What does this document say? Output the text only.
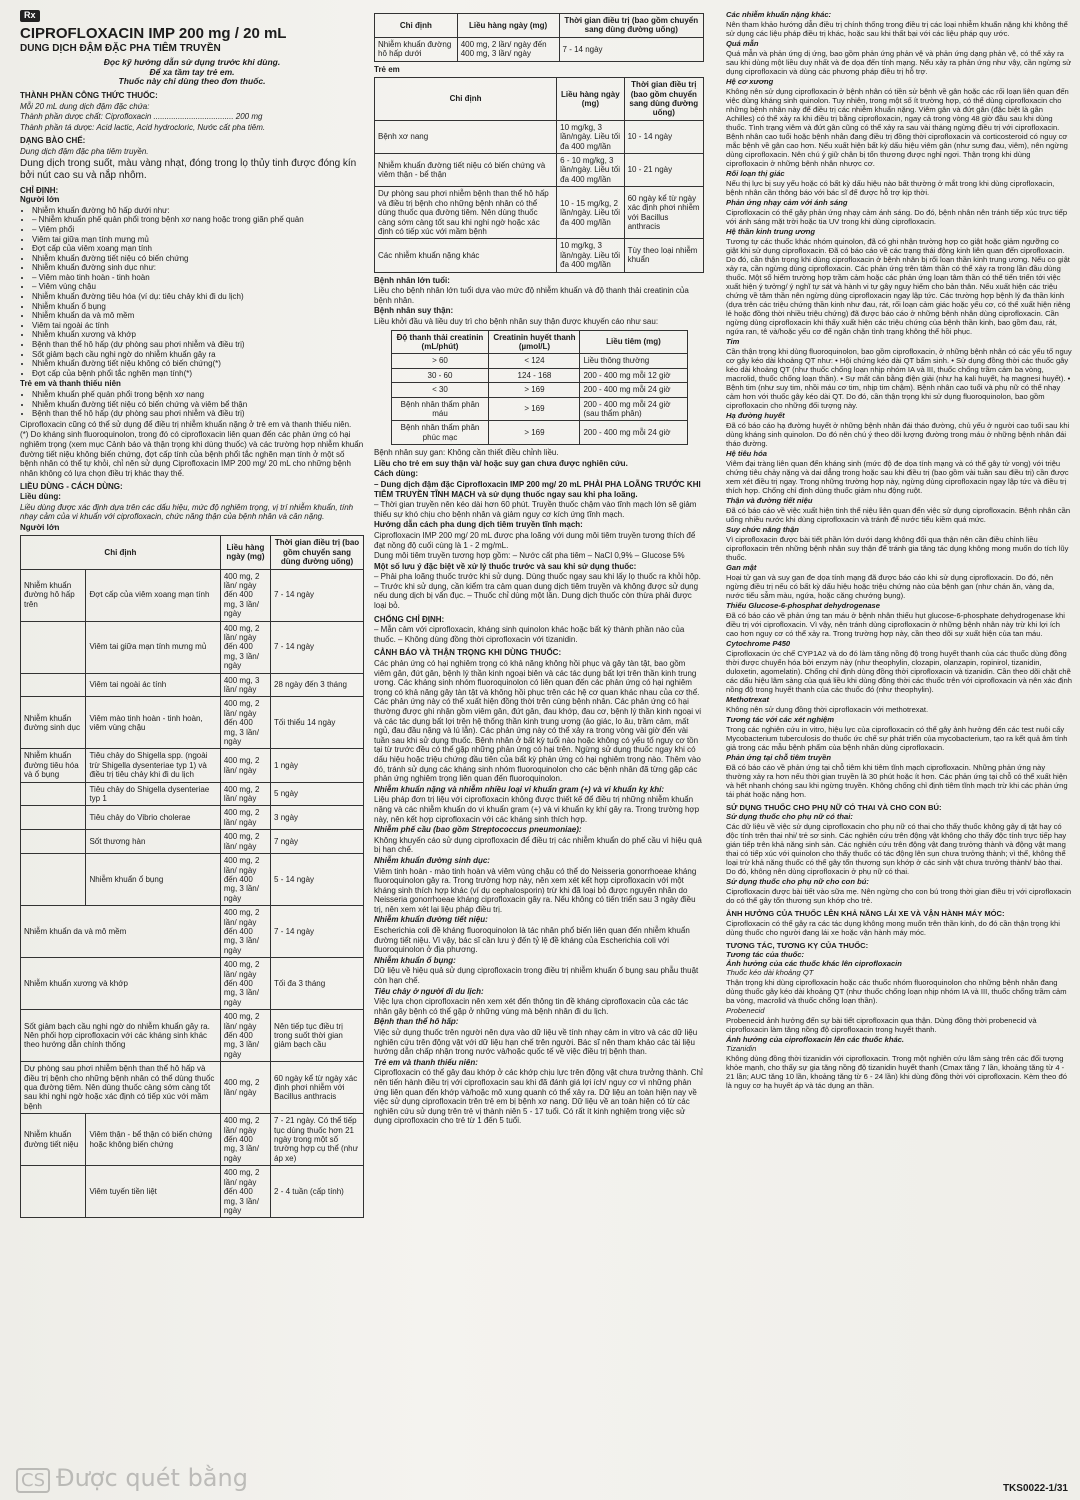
Rx
CIPROFLOXACIN IMP 200 mg / 20 mL
DUNG DỊCH ĐẬM ĐẶC PHA TIÊM TRUYỀN
Đọc kỹ hướng dẫn sử dụng trước khi dùng.
Để xa tầm tay trẻ em.
Thuốc này chỉ dùng theo đơn thuốc.
THÀNH PHẦN CÔNG THỨC THUỐC:

Mỗi 20 mL dung dịch đậm đặc chứa:

Thành phần dược chất: Ciprofloxacin .................................... 200 mg

Thành phần tá dược: Acid lactic, Acid hydrocloric, Nước cất pha tiêm.

DẠNG BÀO CHẾ:

Dung dịch đậm đặc pha tiêm truyền.

Dung dịch trong suốt, màu vàng nhạt, đóng trong lọ thủy tinh được đóng kín bởi nút cao su và nắp nhôm.

CHỈ ĐỊNH:
Người lớn
• Nhiễm khuẩn đường hô hấp dưới như:
• – Nhiễm khuẩn phế quản phổi trong bệnh xơ nang hoặc trong giãn phế quản
• – Viêm phổi
• Viêm tai giữa mạn tính mưng mủ
• Đợt cấp của viêm xoang mạn tính
• Nhiễm khuẩn đường tiết niệu có biến chứng
• Nhiễm khuẩn đường sinh dục như:
• – Viêm mào tinh hoàn - tinh hoàn
• – Viêm vùng chậu
• Nhiễm khuẩn đường tiêu hóa (ví dụ: tiêu chảy khi đi du lịch)
• Nhiễm khuẩn ổ bụng
• Nhiễm khuẩn da và mô mềm
• Viêm tai ngoài ác tính
• Nhiễm khuẩn xương và khớp
• Bệnh than thể hô hấp (dự phòng sau phơi nhiễm và điều trị)
• Sốt giảm bạch cầu nghi ngờ do nhiễm khuẩn gây ra
• Nhiễm khuẩn đường tiết niệu không có biến chứng(*)
• Đợt cấp của bệnh phổi tắc nghẽn mạn tính(*)
Trẻ em và thanh thiếu niên
• Nhiễm khuẩn phế quản phổi trong bệnh xơ nang
• Nhiễm khuẩn đường tiết niệu có biến chứng và viêm bể thận
• Bệnh than thể hô hấp (dự phòng sau phơi nhiễm và điều trị)

Ciprofloxacin cũng có thể sử dụng để điều trị nhiễm khuẩn nặng ở trẻ em và thanh thiếu niên.

(*) Do kháng sinh fluoroquinolon, trong đó có ciprofloxacin liên quan đến các phản ứng có hại nghiêm trọng (xem mục Cảnh báo và thận trọng khi dùng thuốc) và các trường hợp nhiễm khuẩn đường tiết niệu không biến chứng, đợt cấp tính của bệnh phổi tắc nghẽn mạn tính ở một số bệnh nhân có thể tự khỏi, chỉ nên sử dụng Ciprofloxacin IMP 200 mg/ 20 mL cho những bệnh nhân không có lựa chọn điều trị khác thay thế.

LIỀU DÙNG - CÁCH DÙNG:
Liều dùng:

Liều dùng được xác định dựa trên các dấu hiệu, mức độ nghiêm trọng, vị trí nhiễm khuẩn, tính nhạy cảm của vi khuẩn với ciprofloxacin, chức năng thận của bệnh nhân và cân nặng.

Người lớn
Chỉ định		Liều hàng ngày (mg)	Thời gian điều trị (bao gồm chuyển sang dùng đường uống)
Nhiễm khuẩn đường hô hấp trên	Đợt cấp của viêm xoang mạn tính	400 mg, 2 lần/ ngày đến 400 mg, 3 lần/ ngày	7 - 14 ngày
	Viêm tai giữa mạn tính mưng mủ	400 mg, 2 lần/ ngày đến 400 mg, 3 lần/ ngày	7 - 14 ngày
	Viêm tai ngoài ác tính	400 mg, 3 lần/ ngày	28 ngày đến 3 tháng
Nhiễm khuẩn đường sinh dục	Viêm mào tinh hoàn - tinh hoàn, viêm vùng chậu	400 mg, 2 lần/ ngày đến 400 mg, 3 lần/ ngày	Tối thiểu 14 ngày
Nhiễm khuẩn đường tiêu hóa và ổ bụng	Tiêu chảy do Shigella spp. (ngoài trừ Shigella dysenteriae typ 1) và điều trị tiêu chảy khi đi du lịch	400 mg, 2 lần/ ngày	1 ngày
	Tiêu chảy do Shigella dysenteriae typ 1	400 mg, 2 lần/ ngày	5 ngày
	Tiêu chảy do Vibrio cholerae	400 mg, 2 lần/ ngày	3 ngày
	Sốt thương hàn	400 mg, 2 lần/ ngày	7 ngày
	Nhiễm khuẩn ổ bụng	400 mg, 2 lần/ ngày đến 400 mg, 3 lần/ ngày	5 - 14 ngày
Nhiễm khuẩn da và mô mềm		400 mg, 2 lần/ ngày đến 400 mg, 3 lần/ ngày	7 - 14 ngày
Nhiễm khuẩn xương và khớp		400 mg, 2 lần/ ngày đến 400 mg, 3 lần/ ngày	Tối đa 3 tháng
Sốt giảm bạch cầu nghi ngờ do nhiễm khuẩn gây ra. Nên phối hợp ciprofloxacin với các kháng sinh khác theo hướng dẫn chính thống		400 mg, 2 lần/ ngày đến 400 mg, 3 lần/ ngày	Nên tiếp tục điều trị trong suốt thời gian giảm bạch cầu
Dự phòng sau phơi nhiễm bệnh than thể hô hấp và điều trị bệnh cho những bệnh nhân có thể dùng thuốc qua đường tiêm. Nên dùng thuốc càng sớm càng tốt sau khi nghi ngờ hoặc xác định có tiếp xúc với mầm bệnh		400 mg, 2 lần/ ngày	60 ngày kể từ ngày xác định phơi nhiễm với Bacillus anthracis
Nhiễm khuẩn đường tiết niệu	Viêm thận - bể thận có biến chứng hoặc không biến chứng	400 mg, 2 lần/ ngày đến 400 mg, 3 lần/ ngày	7 - 21 ngày. Có thể tiếp tục dùng thuốc hơn 21 ngày trong một số trường hợp cụ thể (như áp xe)
	Viêm tuyến tiền liệt	400 mg, 2 lần/ ngày đến 400 mg, 3 lần/ ngày	2 - 4 tuần (cấp tính)
Chỉ định	Liều hàng ngày (mg)	Thời gian điều trị (bao gồm chuyển sang dùng đường uống)
Nhiễm khuẩn đường hô hấp dưới	400 mg, 2 lần/ ngày đến 400 mg, 3 lần/ ngày	7 - 14 ngày
Trẻ em
Chỉ định	Liều hàng ngày (mg)	Thời gian điều trị (bao gồm chuyển sang dùng đường uống)
Bệnh xơ nang	10 mg/kg, 3 lần/ngày. Liều tối đa 400 mg/lần	10 - 14 ngày
Nhiễm khuẩn đường tiết niệu có biến chứng và viêm thận - bể thận	6 - 10 mg/kg, 3 lần/ngày. Liều tối đa 400 mg/lần	10 - 21 ngày
Dự phòng sau phơi nhiễm bệnh than thể hô hấp và điều trị bệnh cho những bệnh nhân có thể dùng thuốc qua đường tiêm. Nên dùng thuốc càng sớm càng tốt sau khi nghi ngờ hoặc xác định có tiếp xúc với mầm bệnh	10 - 15 mg/kg, 2 lần/ngày. Liều tối đa 400 mg/lần	60 ngày kể từ ngày xác định phơi nhiễm với Bacillus anthracis
Các nhiễm khuẩn nặng khác	10 mg/kg, 3 lần/ngày. Liều tối đa 400 mg/lần	Tùy theo loại nhiễm khuẩn
Bệnh nhân lớn tuổi:

Liều cho bệnh nhân lớn tuổi dựa vào mức độ nhiễm khuẩn và độ thanh thải creatinin của bệnh nhân.

Bệnh nhân suy thận:

Liều khởi đầu và liều duy trì cho bệnh nhân suy thận được khuyến cáo như sau:

Độ thanh thải creatinin (mL/phút)	Creatinin huyết thanh (µmol/L)	Liều tiêm (mg)
> 60	< 124	Liều thông thường
30 - 60	124 - 168	200 - 400 mg mỗi 12 giờ
< 30	> 169	200 - 400 mg mỗi 24 giờ
Bệnh nhân thẩm phân máu	> 169	200 - 400 mg mỗi 24 giờ (sau thẩm phân)
Bệnh nhân thẩm phân phúc mạc	> 169	200 - 400 mg mỗi 24 giờ

Bệnh nhân suy gan: Không cần thiết điều chỉnh liều.

Liều cho trẻ em suy thận và/ hoặc suy gan chưa được nghiên cứu.

Cách dùng:

– Dung dịch đậm đặc Ciprofloxacin IMP 200 mg/ 20 mL PHẢI PHA LOÃNG TRƯỚC KHI TIÊM TRUYỀN TĨNH MẠCH và sử dụng thuốc ngay sau khi pha loãng.

– Thời gian truyền nên kéo dài hơn 60 phút. Truyền thuốc chậm vào tĩnh mạch lớn sẽ giảm thiểu sự khó chịu cho bệnh nhân và giảm nguy cơ kích ứng tĩnh mạch.

Hướng dẫn cách pha dung dịch tiêm truyền tĩnh mạch:

Ciprofloxacin IMP 200 mg/ 20 mL được pha loãng với dung môi tiêm truyền tương thích để đạt nồng độ cuối cùng là 1 - 2 mg/mL.

Dung môi tiêm truyền tương hợp gồm: – Nước cất pha tiêm – NaCl 0,9% – Glucose 5%

Một số lưu ý đặc biệt về xử lý thuốc trước và sau khi sử dụng thuốc:

– Phải pha loãng thuốc trước khi sử dụng. Dùng thuốc ngay sau khi lấy lọ thuốc ra khỏi hộp. – Trước khi sử dụng, cần kiểm tra cảm quan dung dịch tiêm truyền và không được sử dụng nếu dung dịch bị vẩn đục. – Thuốc chỉ dùng một lần. Dung dịch thuốc còn thừa phải được loại bỏ.

CHỐNG CHỈ ĐỊNH:

– Mẫn cảm với ciprofloxacin, kháng sinh quinolon khác hoặc bất kỳ thành phần nào của thuốc. – Không dùng đồng thời ciprofloxacin với tizanidin.

CẢNH BÁO VÀ THẬN TRỌNG KHI DÙNG THUỐC:

Các phản ứng có hại nghiêm trọng có khả năng không hồi phục và gây tàn tật, bao gồm viêm gân, đứt gân, bệnh lý thần kinh ngoại biên và các tác dụng bất lợi trên thần kinh trung ương. Các kháng sinh nhóm fluoroquinolon có liên quan đến các phản ứng có hại nghiêm trọng có khả năng gây tàn tật và không hồi phục trên các hệ cơ quan khác nhau của cơ thể. Các phản ứng này có thể xuất hiện đồng thời trên cùng bệnh nhân. Các phản ứng có hại thường được ghi nhận gồm viêm gân, đứt gân, đau khớp, đau cơ, bệnh lý thần kinh ngoại vi và các tác dụng bất lợi trên hệ thống thần kinh trung ương (ảo giác, lo âu, trầm cảm, mất ngủ, đau đầu nặng và lú lẫn). Các phản ứng này có thể xảy ra trong vòng vài giờ đến vài tuần sau khi sử dụng thuốc. Bệnh nhân ở bất kỳ tuổi nào hoặc không có yếu tố nguy cơ tồn tại từ trước đều có thể gặp những phản ứng có hại trên. Ngừng sử dụng thuốc ngay khi có dấu hiệu hoặc triệu chứng đầu tiên của bất kỳ phản ứng có hại nghiêm trọng nào. Thêm vào đó, tránh sử dụng các kháng sinh nhóm fluoroquinolon cho các bệnh nhân đã từng gặp các phản ứng nghiêm trọng liên quan đến fluoroquinolon.

Nhiễm khuẩn nặng và nhiễm nhiều loại vi khuẩn gram (+) và vi khuẩn kỵ khí:

Liệu pháp đơn trị liệu với ciprofloxacin không được thiết kế để điều trị những nhiễm khuẩn nặng và các nhiễm khuẩn do vi khuẩn gram (+) và vi khuẩn kỵ khí gây ra. Trong trường hợp này, nên kết hợp ciprofloxacin với các kháng sinh thích hợp.

Nhiễm phế cầu (bao gồm Streptococcus pneumoniae):

Không khuyến cáo sử dụng ciprofloxacin để điều trị các nhiễm khuẩn do phế cầu vì hiệu quả bị hạn chế.

Nhiễm khuẩn đường sinh dục:

Viêm tinh hoàn - mào tinh hoàn và viêm vùng chậu có thể do Neisseria gonorrhoeae kháng fluoroquinolon gây ra. Trong trường hợp này, nên xem xét kết hợp ciprofloxacin với một kháng sinh thích hợp khác (ví dụ cephalosporin) trừ khi đã loại bỏ được nguyên nhân do Neisseria gonorrhoeae kháng ciprofloxacin gây ra. Nếu không có tiến triển sau 3 ngày điều trị, nên xem xét lại liệu pháp điều trị.

Nhiễm khuẩn đường tiết niệu:

Escherichia coli đề kháng fluoroquinolon là tác nhân phổ biến liên quan đến nhiễm khuẩn đường tiết niệu. Vì vậy, bác sĩ cần lưu ý đến tỷ lệ đề kháng của Escherichia coli với fluoroquinolon ở địa phương.

Nhiễm khuẩn ổ bụng:

Dữ liệu về hiệu quả sử dụng ciprofloxacin trong điều trị nhiễm khuẩn ổ bụng sau phẫu thuật còn hạn chế.

Tiêu chảy ở người đi du lịch:

Việc lựa chọn ciprofloxacin nên xem xét đến thông tin đề kháng ciprofloxacin của các tác nhân gây bệnh có thể gặp ở những vùng mà bệnh nhân đi du lịch.

Bệnh than thể hô hấp:

Việc sử dụng thuốc trên người nên dựa vào dữ liệu về tính nhạy cảm in vitro và các dữ liệu nghiên cứu trên động vật với dữ liệu hạn chế trên người. Bác sĩ nên tham khảo các tài liệu hướng dẫn chấp nhận trong nước và/hoặc quốc tế về việc điều trị bệnh than.

Trẻ em và thanh thiếu niên:

Ciprofloxacin có thể gây đau khớp ở các khớp chịu lực trên động vật chưa trưởng thành. Chỉ nên tiến hành điều trị với ciprofloxacin sau khi đã đánh giá lợi ích/ nguy cơ vì những phản ứng liên quan đến khớp và/hoặc mô xung quanh có thể xảy ra. Dữ liệu an toàn hiện nay về việc sử dụng ciprofloxacin trên trẻ em bị bệnh xơ nang. Dữ liệu về an toàn hiện có từ các nghiên cứu sử dụng trên trẻ vị thành niên 5 - 17 tuổi. Có rất ít kinh nghiệm trong việc sử dụng ciprofloxacin cho trẻ từ 1 đến 5 tuổi.

Các nhiễm khuẩn nặng khác:

Nên tham khảo hướng dẫn điều trị chính thống trong điều trị các loại nhiễm khuẩn nặng khi không thể sử dụng các liệu pháp điều trị khác, hoặc sau khi thất bại với các liệu pháp quy ước.

Quá mẫn

Quá mẫn và phản ứng dị ứng, bao gồm phản ứng phản vệ và phản ứng dạng phản vệ, có thể xảy ra sau khi dùng một liều duy nhất và đe dọa đến tính mạng. Nếu xảy ra phản ứng như vậy, cần ngừng sử dụng ciprofloxacin và dùng các phương pháp điều trị hỗ trợ.

Hệ cơ xương

Không nên sử dụng ciprofloxacin ở bệnh nhân có tiền sử bệnh về gân hoặc các rối loạn liên quan đến việc dùng kháng sinh quinolon. Tuy nhiên, trong một số ít trường hợp, có thể dùng ciprofloxacin cho những bệnh nhân này để điều trị các nhiễm khuẩn nặng. Viêm gân và đứt gân (đặc biệt là gân Achilles) có thể xảy ra khi điều trị bằng ciprofloxacin, ngay cả trong vòng 48 giờ đầu sau khi dùng thuốc. Tình trạng viêm và đứt gân cũng có thể xảy ra sau vài tháng ngừng điều trị với ciprofloxacin. Bệnh nhân cao tuổi hoặc bệnh nhân đang điều trị đồng thời ciprofloxacin và corticosteroid có nguy cơ mắc bệnh về gân cao hơn. Nếu xuất hiện bất kỳ dấu hiệu viêm gân (như sưng đau, viêm), nên ngừng dùng ciprofloxacin. Nên chú ý giữ chân bị tổn thương được nghỉ ngơi. Thận trọng khi dùng ciprofloxacin ở những bệnh nhân nhược cơ.

Rối loạn thị giác

Nếu thị lực bị suy yếu hoặc có bất kỳ dấu hiệu nào bất thường ở mắt trong khi dùng ciprofloxacin, bệnh nhân cần thông báo với bác sĩ để được hỗ trợ kịp thời.

Phản ứng nhạy cảm với ánh sáng

Ciprofloxacin có thể gây phản ứng nhạy cảm ánh sáng. Do đó, bệnh nhân nên tránh tiếp xúc trực tiếp với ánh sáng mặt trời hoặc tia UV trong khi dùng ciprofloxacin.

Hệ thần kinh trung ương

Tương tự các thuốc khác nhóm quinolon, đã có ghi nhận trường hợp co giật hoặc giảm ngưỡng co giật khi sử dụng ciprofloxacin. Đã có báo cáo về các trạng thái động kinh liên quan đến ciprofloxacin. Do đó, cần thận trọng khi dùng ciprofloxacin ở bệnh nhân bị rối loạn thần kinh trung ương. Nếu co giật xảy ra, cần ngừng dùng ciprofloxacin. Các phản ứng trên tâm thần có thể xảy ra trong lần đầu dùng thuốc. Một số hiếm trường hợp trầm cảm hoặc các phản ứng loạn tâm thần có thể tiến triển tới việc xuất hiện ý tưởng/ ý nghĩ tự sát và hành vi tự gây nguy hiểm cho bản thân. Nếu xuất hiện các triệu chứng về tâm thần nên ngừng dùng ciprofloxacin ngay lập tức. Các trường hợp bệnh lý đa thần kinh (dựa trên các triệu chứng thần kinh như đau, rát, rối loạn cảm giác hoặc yếu cơ, có thể xuất hiện riêng lẻ hoặc đồng thời nhiều triệu chứng) đã được báo cáo ở những bệnh nhân dùng ciprofloxacin. Cần ngừng dùng ciprofloxacin khi thấy xuất hiện các triệu chứng của bệnh thần kinh, bao gồm đau, rát, ngứa ran, tê và/hoặc yếu cơ để ngăn chặn tình trạng không thể hồi phục.

Tim

Cần thận trọng khi dùng fluoroquinolon, bao gồm ciprofloxacin, ở những bệnh nhân có các yếu tố nguy cơ gây kéo dài khoảng QT như: • Hội chứng kéo dài QT bẩm sinh. • Sử dụng đồng thời các thuốc gây kéo dài khoảng QT (như thuốc chống loạn nhịp nhóm IA và III, thuốc chống trầm cảm ba vòng, macrolid, thuốc chống loạn thần). • Sự mất cân bằng điện giải (như hạ kali huyết, hạ magnesi huyết). • Bệnh tim (như suy tim, nhồi máu cơ tim, nhịp tim chậm). Bệnh nhân cao tuổi và phụ nữ có thể nhạy cảm hơn với thuốc gây kéo dài QT. Do đó, cần thận trọng khi sử dụng fluoroquinolon, bao gồm ciprofloxacin cho những đối tượng này.

Hạ đường huyết

Đã có báo cáo hạ đường huyết ở những bệnh nhân đái tháo đường, chủ yếu ở người cao tuổi sau khi dùng kháng sinh quinolon. Do đó nên chú ý theo dõi lượng đường trong máu ở những bệnh nhân đái tháo đường.

Hệ tiêu hóa

Viêm đại tràng liên quan đến kháng sinh (mức độ đe dọa tính mạng và có thể gây tử vong) với triệu chứng tiêu chảy nặng và dai dẳng trong hoặc sau khi điều trị (bao gồm vài tuần sau điều trị) cần được xem xét điều trị ngay. Trong những trường hợp này, ngừng dùng ciprofloxacin ngay lập tức và điều trị thích hợp. Chống chỉ định dùng thuốc giảm nhu động ruột.

Thận và đường tiết niệu

Đã có báo cáo về việc xuất hiện tinh thể niệu liên quan đến việc sử dụng ciprofloxacin. Bệnh nhân cần uống nhiều nước khi dùng ciprofloxacin và tránh để nước tiểu kiềm quá mức.

Suy chức năng thận

Vì ciprofloxacin được bài tiết phần lớn dưới dạng không đổi qua thận nên cần điều chỉnh liều ciprofloxacin trên những bệnh nhân suy thận để tránh gia tăng tác dụng không mong muốn do tích lũy thuốc.

Gan mật

Hoại tử gan và suy gan đe dọa tính mạng đã được báo cáo khi sử dụng ciprofloxacin. Do đó, nên ngừng điều trị nếu có bất kỳ dấu hiệu hoặc triệu chứng nào của bệnh gan (như chán ăn, vàng da, nước tiểu sẫm màu, ngứa, hoặc căng chướng bụng).

Thiếu Glucose-6-phosphat dehydrogenase

Đã có báo cáo về phản ứng tan máu ở bệnh nhân thiếu hụt glucose-6-phosphate dehydrogenase khi điều trị với ciprofloxacin. Vì vậy, nên tránh dùng ciprofloxacin ở những bệnh nhân này trừ khi lợi ích cao hơn nguy cơ có thể xảy ra. Trong trường hợp này, cần theo dõi sự xuất hiện của tan máu.

Cytochrome P450

Ciprofloxacin ức chế CYP1A2 và do đó làm tăng nồng độ trong huyết thanh của các thuốc dùng đồng thời được chuyển hóa bởi enzym này (như theophylin, clozapin, olanzapin, ropinirol, tizanidin, duloxetin, agomelatin). Chống chỉ định dùng đồng thời ciprofloxacin và tizanidin. Cần theo dõi chặt chẽ các dấu hiệu lâm sàng của quá liều khi dùng đồng thời các thuốc trên với ciprofloxacin và nên xác định nồng độ trong huyết thanh của các thuốc đó (như theophylin).

Methotrexat

Không nên sử dụng đồng thời ciprofloxacin với methotrexat.

Tương tác với các xét nghiệm

Trong các nghiên cứu in vitro, hiệu lực của ciprofloxacin có thể gây ảnh hưởng đến các test nuôi cấy Mycobacterium tuberculosis do thuốc ức chế sự phát triển của mycobacterium, tạo ra kết quả âm tính giả trong các mẫu bệnh phẩm của bệnh nhân dùng ciprofloxacin.

Phản ứng tại chỗ tiêm truyền

Đã có báo cáo về phản ứng tại chỗ tiêm khi tiêm tĩnh mạch ciprofloxacin. Những phản ứng này thường xảy ra hơn nếu thời gian truyền là 30 phút hoặc ít hơn. Các phản ứng tại chỗ có thể xuất hiện và hết nhanh chóng sau khi ngừng truyền. Không chống chỉ định tiêm tĩnh mạch trừ khi các phản ứng tái phát hoặc nặng hơn.

SỬ DỤNG THUỐC CHO PHỤ NỮ CÓ THAI VÀ CHO CON BÚ:
Sử dụng thuốc cho phụ nữ có thai:

Các dữ liệu về việc sử dụng ciprofloxacin cho phụ nữ có thai cho thấy thuốc không gây dị tật hay có độc tính trên thai nhi/ trẻ sơ sinh. Các nghiên cứu trên động vật không cho thấy độc tính trực tiếp hay gián tiếp trên khả năng sinh sản. Các nghiên cứu trên động vật đang trưởng thành và động vật mang thai có tiếp xúc với quinolon cho thấy thuốc có tác động lên sụn chưa trưởng thành; vì thế, không thể loại trừ khả năng thuốc có thể gây tổn thương sụn khớp ở các sinh vật chưa trưởng thành/ bào thai. Do đó, không nên dùng ciprofloxacin ở phụ nữ có thai.

Sử dụng thuốc cho phụ nữ cho con bú:

Ciprofloxacin được bài tiết vào sữa mẹ. Nên ngừng cho con bú trong thời gian điều trị với ciprofloxacin do có thể gây tổn thương sụn khớp cho trẻ.

ẢNH HƯỞNG CỦA THUỐC LÊN KHẢ NĂNG LÁI XE VÀ VẬN HÀNH MÁY MÓC:

Ciprofloxacin có thể gây ra các tác dụng không mong muốn trên thần kinh, do đó cần thận trọng khi dùng thuốc cho người đang lái xe hoặc vận hành máy móc.

TƯƠNG TÁC, TƯƠNG KỴ CỦA THUỐC:
Tương tác của thuốc:
Ảnh hưởng của các thuốc khác lên ciprofloxacin
Thuốc kéo dài khoảng QT

Thận trọng khi dùng ciprofloxacin hoặc các thuốc nhóm fluoroquinolon cho những bệnh nhân đang dùng thuốc gây kéo dài khoảng QT (như thuốc chống loạn nhịp nhóm IA và III, thuốc chống trầm cảm ba vòng, macrolid và thuốc chống loạn thần).

Probenecid

Probenecid ảnh hưởng đến sự bài tiết ciprofloxacin qua thận. Dùng đồng thời probenecid và ciprofloxacin làm tăng nồng độ ciprofloxacin trong huyết thanh.

Ảnh hưởng của ciprofloxacin lên các thuốc khác.
Tizanidin

Không dùng đồng thời tizanidin với ciprofloxacin. Trong một nghiên cứu lâm sàng trên các đối tượng khỏe mạnh, cho thấy sự gia tăng nồng độ tizanidin huyết thanh (Cmax tăng 7 lần, khoảng tăng từ 4 - 21 lần; AUC tăng 10 lần, khoảng tăng từ 6 - 24 lần) khi dùng đồng thời với ciprofloxacin. Kèm theo đó là nguy cơ hạ huyết áp và tác dụng an thần.

CS Được quét bằng	TKS0022-1/31
